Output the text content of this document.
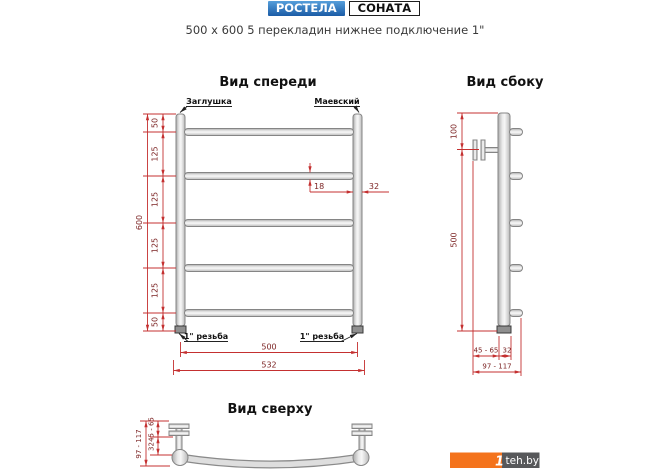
РОСТЕЛА	СОНАТА
500 x 600 5 перекладин нижнее подключение 1"
Вид спереди
Заглушка	Маевский
50
125
125
125
125
50
600
18	32
1" резьба	1" резьба
500
532
Вид сбоку
100
500
45 - 65 32
97 - 117
Вид сверху
45 - 65
32
97 - 117
1 teh.by
